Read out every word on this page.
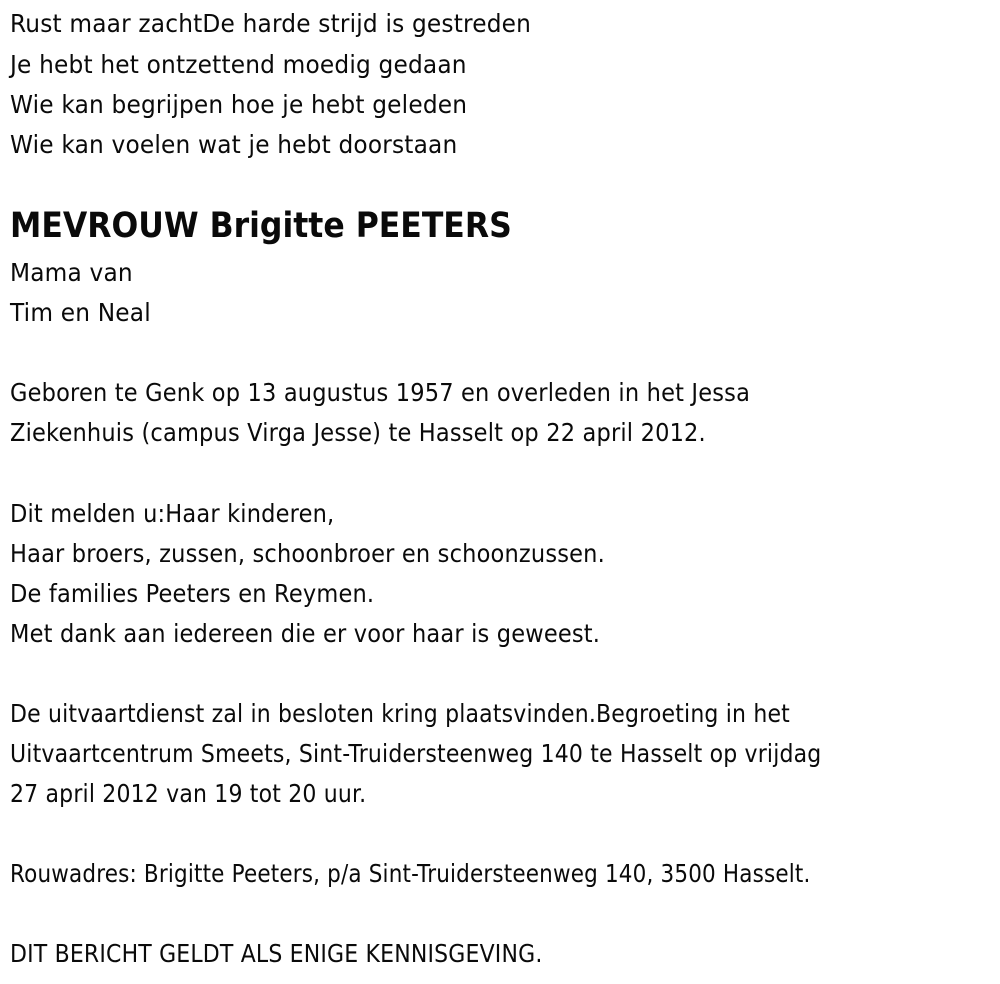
Rust maar zachtDe harde strijd is gestreden
Je hebt het ontzettend moedig gedaan
Wie kan begrijpen hoe je hebt geleden
Wie kan voelen wat je hebt doorstaan
MEVROUW Brigitte PEETERS
Mama van
Tim en Neal
Geboren te Genk op 13 augustus 1957 en overleden in het Jessa
Ziekenhuis (campus Virga Jesse) te Hasselt op 22 april 2012.
Dit melden u:Haar kinderen,
Haar broers, zussen, schoonbroer en schoonzussen.
De families Peeters en Reymen.
Met dank aan iedereen die er voor haar is geweest.
De uitvaartdienst zal in besloten kring plaatsvinden.Begroeting in het
Uitvaartcentrum Smeets, Sint-Truidersteenweg 140 te Hasselt op vrijdag
27 april 2012 van 19 tot 20 uur.
Rouwadres: Brigitte Peeters, p/a Sint-Truidersteenweg 140, 3500 Hasselt.
DIT BERICHT GELDT ALS ENIGE KENNISGEVING.
